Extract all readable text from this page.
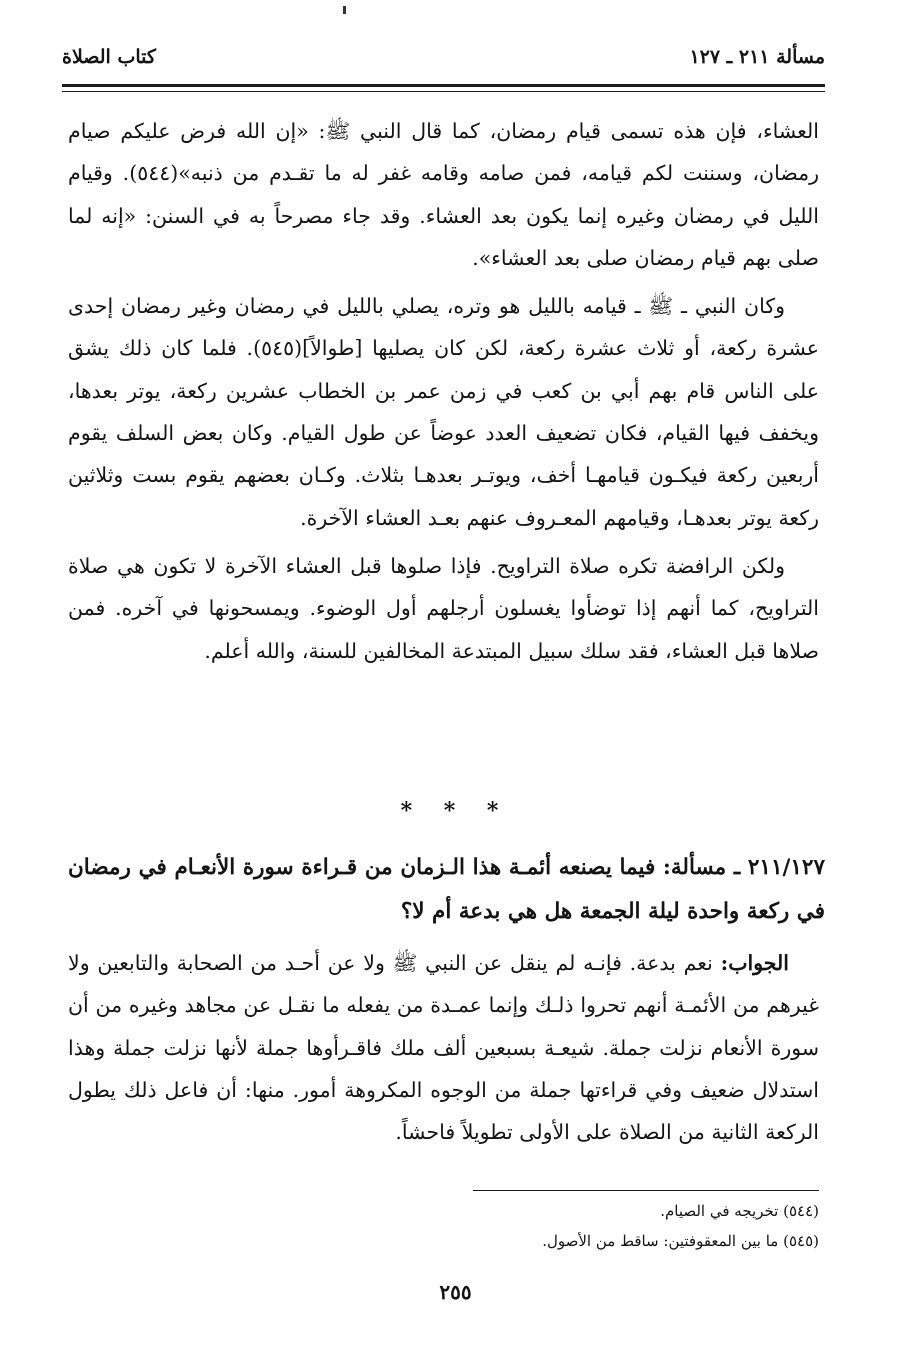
مسألة ٢١١ ـ ١٢٧
كتاب الصلاة

العشاء، فإن هذه تسمى قيام رمضان، كما قال النبي ﷺ: «إن الله فرض عليكم صيام رمضان، وسننت لكم قيامه، فمن صامه وقامه غفر له ما تقـدم من ذنبه»(٥٤٤). وقيام الليل في رمضان وغيره إنما يكون بعد العشاء. وقد جاء مصرحاً به في السنن: «إنه لما صلى بهم قيام رمضان صلى بعد العشاء».

وكان النبي ـ ﷺ ـ قيامه بالليل هو وتره، يصلي بالليل في رمضان وغير رمضان إحدى عشرة ركعة، أو ثلاث عشرة ركعة، لكن كان يصليها [طوالاً](٥٤٥). فلما كان ذلك يشق على الناس قام بهم أبي بن كعب في زمن عمر بن الخطاب عشرين ركعة، يوتر بعدها، ويخفف فيها القيام، فكان تضعيف العدد عوضاً عن طول القيام. وكان بعض السلف يقوم أربعين ركعة فيكـون قيامهـا أخف، ويوتـر بعدهـا بثلاث. وكـان بعضهم يقوم بست وثلاثين ركعة يوتر بعدهـا، وقيامهم المعـروف عنهم بعـد العشاء الآخرة.

ولكن الرافضة تكره صلاة التراويح. فإذا صلوها قبل العشاء الآخرة لا تكون هي صلاة التراويح، كما أنهم إذا توضأوا يغسلون أرجلهم أول الوضوء. ويمسحونها في آخره. فمن صلاها قبل العشاء، فقد سلك سبيل المبتدعة المخالفين للسنة، والله أعلم.

* * *
٢١١/١٢٧ ـ مسألة: فيما يصنعه أئمـة هذا الـزمان من قـراءة سورة الأنعـام في رمضان في ركعة واحدة ليلة الجمعة هل هي بدعة أم لا؟
الجواب: نعم بدعة. فإنـه لم ينقل عن النبي ﷺ ولا عن أحـد من الصحابة والتابعين ولا غيرهم من الأئمـة أنهم تحروا ذلـك وإنما عمـدة من يفعله ما نقـل عن مجاهد وغيره من أن سورة الأنعام نزلت جملة. ﻿شيعـة بسبعين ألف ملك فاقـرأوها جملة لأنها نزلت جملة وهذا استدلال ضعيف وفي قراءتها جملة من الوجوه المكروهة أمور. منها: أن فاعل ذلك يطول الركعة الثانية من الصلاة على الأولى تطويلاً فاحشاً.

(٥٤٤) تخريجه في الصيام.

(٥٤٥) ما بين المعقوفتين: ساقط من الأصول.

٢٥٥
